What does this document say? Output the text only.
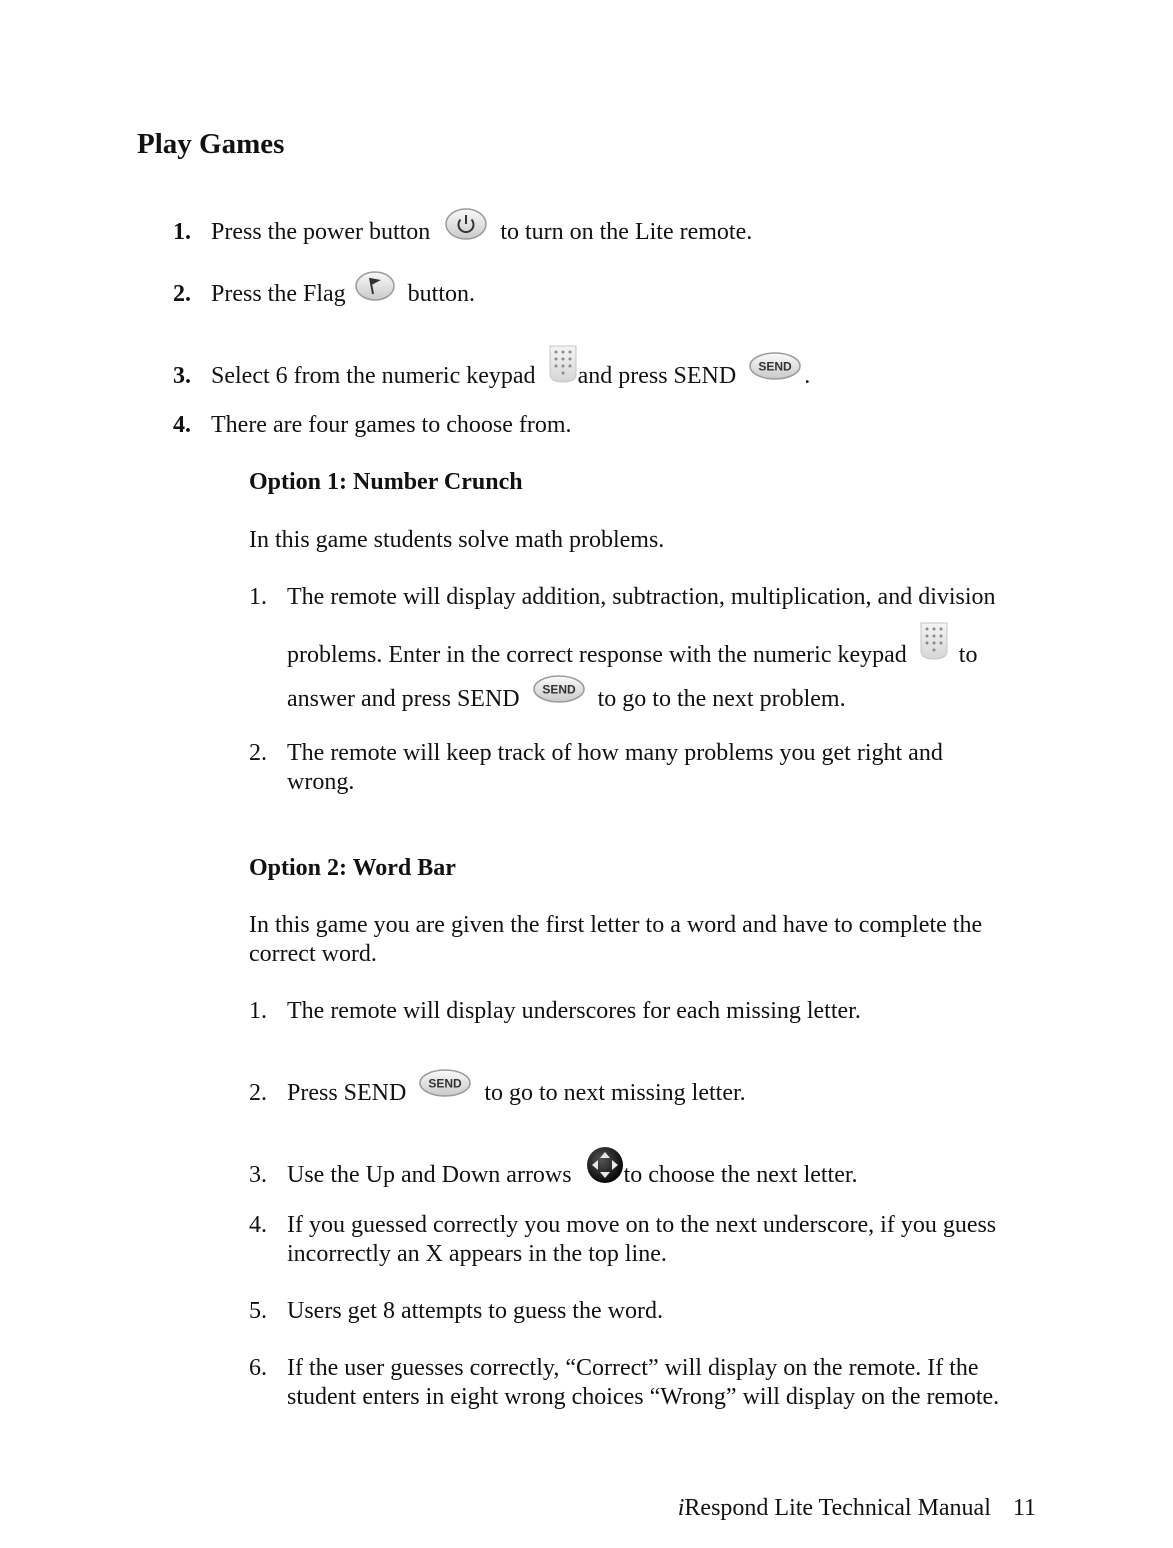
Play Games
1. Press the power button	to turn on the Lite remote.
2. Press the Flag	button.
3. Select 6 from the numeric keypad and press SEND SEND .
4. There are four games to choose from.
Option 1: Number Crunch
In this game students solve math problems.
1. The remote will display addition, subtraction, multiplication, and division
problems. Enter in the correct response with the numeric keypad to
answer and press SEND SEND to go to the next problem.
2. The remote will keep track of how many problems you get right and
wrong.
Option 2: Word Bar
In this game you are given the first letter to a word and have to complete the
correct word.
1. The remote will display underscores for each missing letter.
2. Press SEND SEND to go to next missing letter.
3. Use the Up and Down arrows to choose the next letter.
4. If you guessed correctly you move on to the next underscore, if you guess
incorrectly an X appears in the top line.
5. Users get 8 attempts to guess the word.
6. If the user guesses correctly, “Correct” will display on the remote. If the
student enters in eight wrong choices “Wrong” will display on the remote.
iRespond Lite Technical Manual 11
